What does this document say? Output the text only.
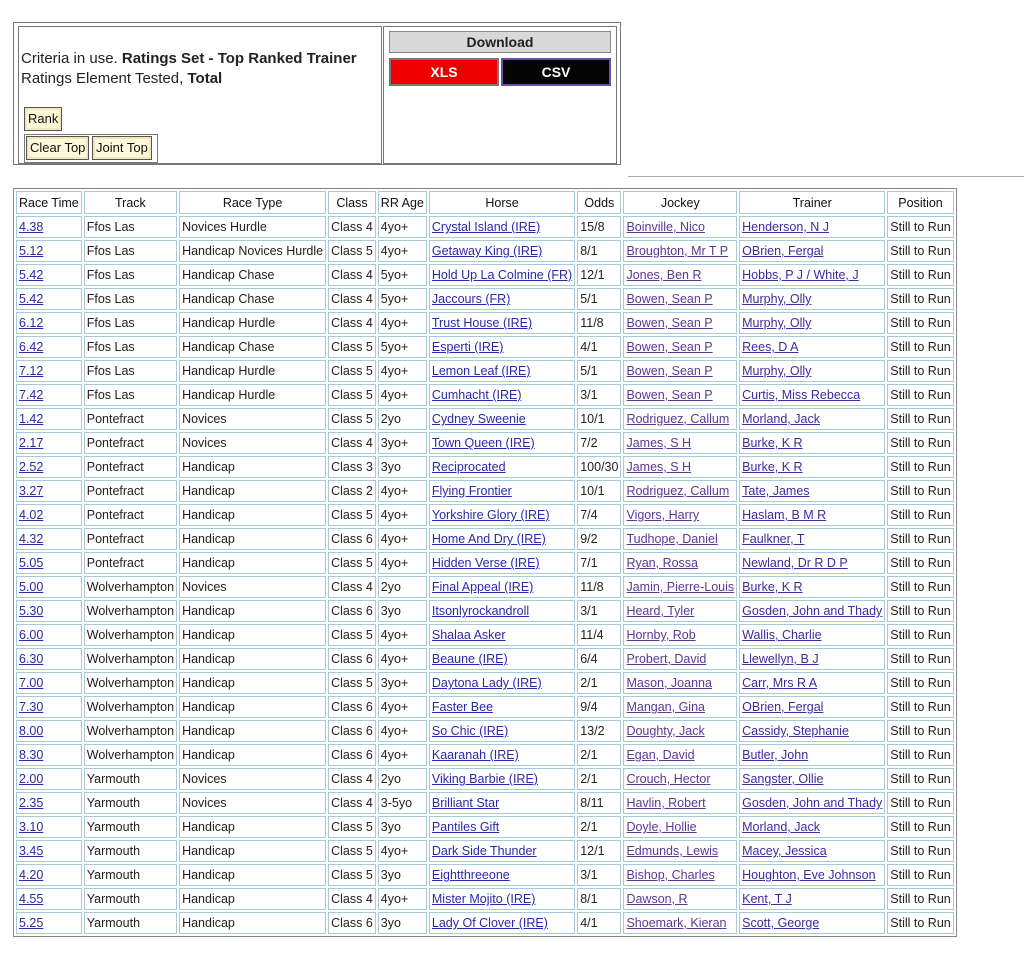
Criteria in use. Ratings Set - Top Ranked Trainer
Ratings Element Tested, Total
Rank
Clear Top Joint Top
Download
XLS	CSV
Race Time	Track	Race Type	Class	RR Age	Horse	Odds	Jockey	Trainer	Position
4.38	Ffos Las	Novices Hurdle	Class 4	4yo+	Crystal Island (IRE)	15/8	Boinville, Nico	Henderson, N J	Still to Run
5.12	Ffos Las	Handicap Novices Hurdle	Class 5	4yo+	Getaway King (IRE)	8/1	Broughton, Mr T P	OBrien, Fergal	Still to Run
5.42	Ffos Las	Handicap Chase	Class 4	5yo+	Hold Up La Colmine (FR)	12/1	Jones, Ben R	Hobbs, P J / White, J	Still to Run
5.42	Ffos Las	Handicap Chase	Class 4	5yo+	Jaccours (FR)	5/1	Bowen, Sean P	Murphy, Olly	Still to Run
6.12	Ffos Las	Handicap Hurdle	Class 4	4yo+	Trust House (IRE)	11/8	Bowen, Sean P	Murphy, Olly	Still to Run
6.42	Ffos Las	Handicap Chase	Class 5	5yo+	Esperti (IRE)	4/1	Bowen, Sean P	Rees, D A	Still to Run
7.12	Ffos Las	Handicap Hurdle	Class 5	4yo+	Lemon Leaf (IRE)	5/1	Bowen, Sean P	Murphy, Olly	Still to Run
7.42	Ffos Las	Handicap Hurdle	Class 5	4yo+	Cumhacht (IRE)	3/1	Bowen, Sean P	Curtis, Miss Rebecca	Still to Run
1.42	Pontefract	Novices	Class 5	2yo	Cydney Sweenie	10/1	Rodriguez, Callum	Morland, Jack	Still to Run
2.17	Pontefract	Novices	Class 4	3yo+	Town Queen (IRE)	7/2	James, S H	Burke, K R	Still to Run
2.52	Pontefract	Handicap	Class 3	3yo	Reciprocated	100/30	James, S H	Burke, K R	Still to Run
3.27	Pontefract	Handicap	Class 2	4yo+	Flying Frontier	10/1	Rodriguez, Callum	Tate, James	Still to Run
4.02	Pontefract	Handicap	Class 5	4yo+	Yorkshire Glory (IRE)	7/4	Vigors, Harry	Haslam, B M R	Still to Run
4.32	Pontefract	Handicap	Class 6	4yo+	Home And Dry (IRE)	9/2	Tudhope, Daniel	Faulkner, T	Still to Run
5.05	Pontefract	Handicap	Class 5	4yo+	Hidden Verse (IRE)	7/1	Ryan, Rossa	Newland, Dr R D P	Still to Run
5.00	Wolverhampton	Novices	Class 4	2yo	Final Appeal (IRE)	11/8	Jamin, Pierre-Louis	Burke, K R	Still to Run
5.30	Wolverhampton	Handicap	Class 6	3yo	Itsonlyrockandroll	3/1	Heard, Tyler	Gosden, John and Thady	Still to Run
6.00	Wolverhampton	Handicap	Class 5	4yo+	Shalaa Asker	11/4	Hornby, Rob	Wallis, Charlie	Still to Run
6.30	Wolverhampton	Handicap	Class 6	4yo+	Beaune (IRE)	6/4	Probert, David	Llewellyn, B J	Still to Run
7.00	Wolverhampton	Handicap	Class 5	3yo+	Daytona Lady (IRE)	2/1	Mason, Joanna	Carr, Mrs R A	Still to Run
7.30	Wolverhampton	Handicap	Class 6	4yo+	Faster Bee	9/4	Mangan, Gina	OBrien, Fergal	Still to Run
8.00	Wolverhampton	Handicap	Class 6	4yo+	So Chic (IRE)	13/2	Doughty, Jack	Cassidy, Stephanie	Still to Run
8.30	Wolverhampton	Handicap	Class 6	4yo+	Kaaranah (IRE)	2/1	Egan, David	Butler, John	Still to Run
2.00	Yarmouth	Novices	Class 4	2yo	Viking Barbie (IRE)	2/1	Crouch, Hector	Sangster, Ollie	Still to Run
2.35	Yarmouth	Novices	Class 4	3-5yo	Brilliant Star	8/11	Havlin, Robert	Gosden, John and Thady	Still to Run
3.10	Yarmouth	Handicap	Class 5	3yo	Pantiles Gift	2/1	Doyle, Hollie	Morland, Jack	Still to Run
3.45	Yarmouth	Handicap	Class 5	4yo+	Dark Side Thunder	12/1	Edmunds, Lewis	Macey, Jessica	Still to Run
4.20	Yarmouth	Handicap	Class 5	3yo	Eightthreeone	3/1	Bishop, Charles	Houghton, Eve Johnson	Still to Run
4.55	Yarmouth	Handicap	Class 4	4yo+	Mister Mojito (IRE)	8/1	Dawson, R	Kent, T J	Still to Run
5.25	Yarmouth	Handicap	Class 6	3yo	Lady Of Clover (IRE)	4/1	Shoemark, Kieran	Scott, George	Still to Run
